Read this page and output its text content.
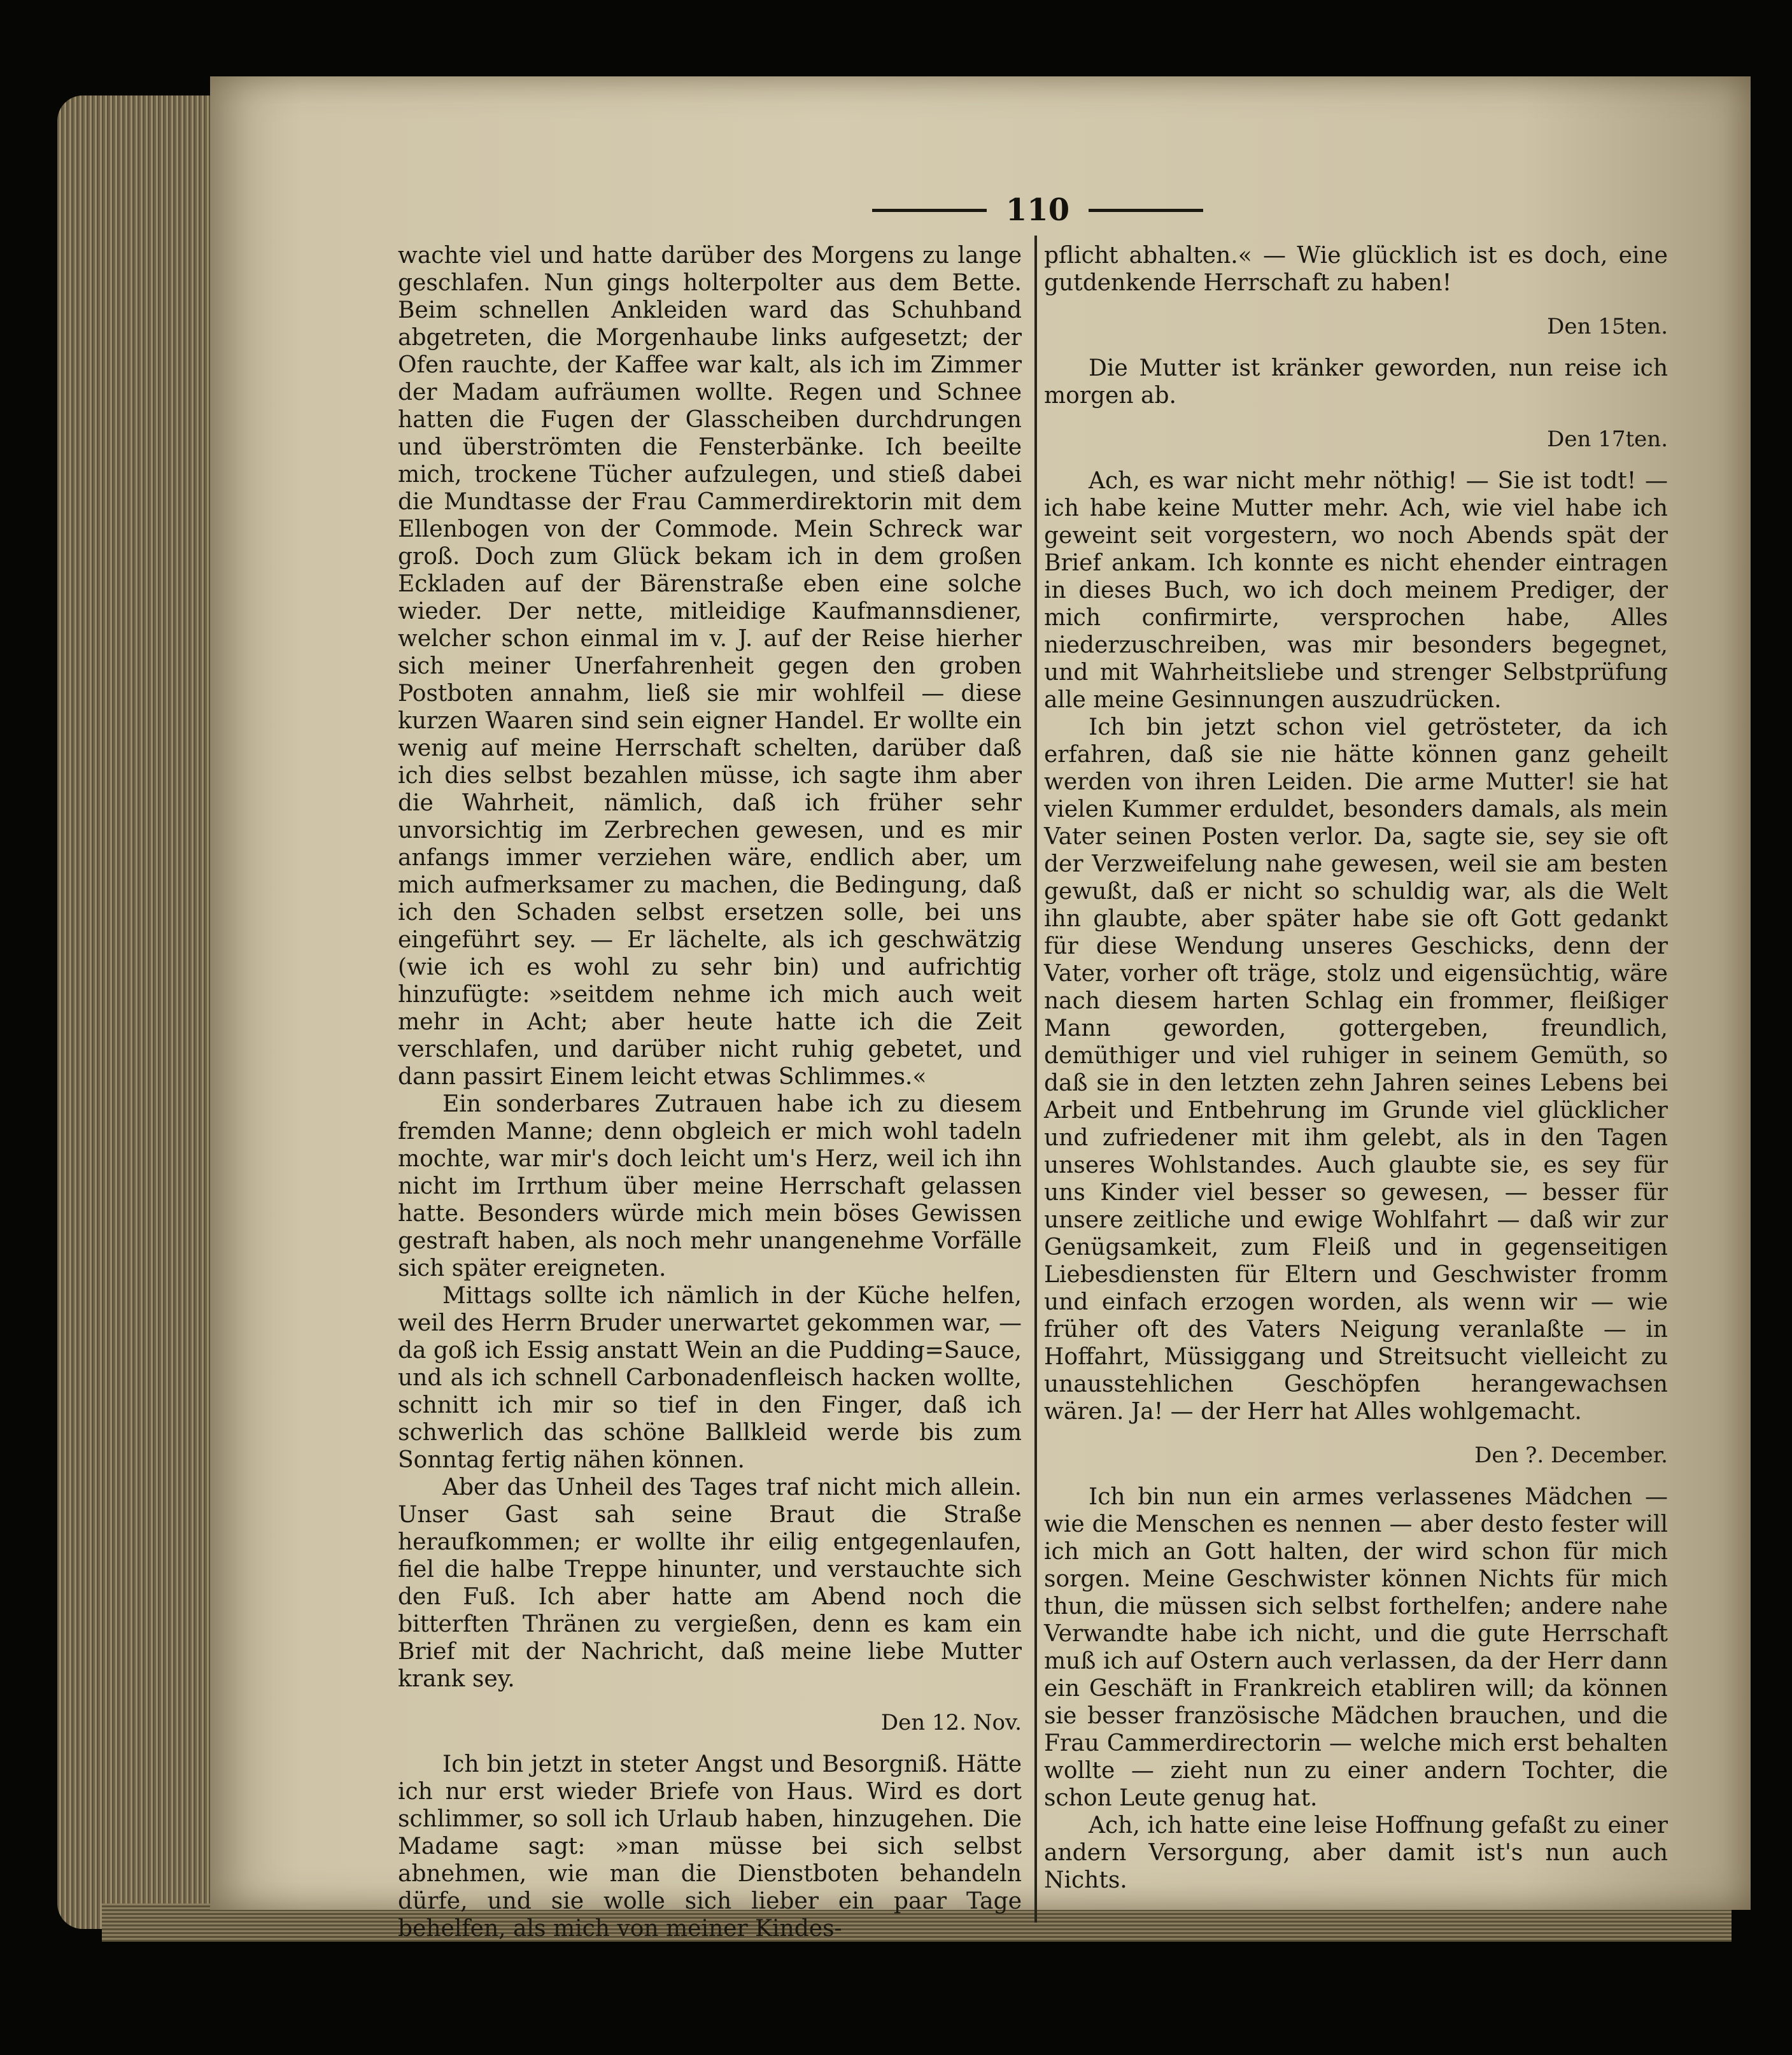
110

wachte viel und hatte darüber des Morgens zu lange geschlafen. Nun gings holterpolter aus dem Bette. Beim schnellen Ankleiden ward das Schuhband abgetreten, die Morgenhaube links aufgesetzt; der Ofen rauchte, der Kaffee war kalt, als ich im Zimmer der Madam aufräumen wollte. Regen und Schnee hatten die Fugen der Glasscheiben durchdrungen und überströmten die Fensterbänke. Ich beeilte mich, trockene Tücher aufzulegen, und stieß dabei die Mundtasse der Frau Cammerdirektorin mit dem Ellenbogen von der Commode. Mein Schreck war groß. Doch zum Glück bekam ich in dem großen Eckladen auf der Bärenstraße eben eine solche wieder. Der nette, mitleidige Kaufmannsdiener, welcher schon einmal im v. J. auf der Reise hierher sich meiner Unerfahrenheit gegen den groben Postboten annahm, ließ sie mir wohlfeil — diese kurzen Waaren sind sein eigner Handel. Er wollte ein wenig auf meine Herrschaft schelten, darüber daß ich dies selbst bezahlen müsse, ich sagte ihm aber die Wahrheit, nämlich, daß ich früher sehr unvorsichtig im Zerbrechen gewesen, und es mir anfangs immer verziehen wäre, endlich aber, um mich aufmerksamer zu machen, die Bedingung, daß ich den Schaden selbst ersetzen solle, bei uns eingeführt sey. — Er lächelte, als ich geschwätzig (wie ich es wohl zu sehr bin) und aufrichtig hinzufügte: »seitdem nehme ich mich auch weit mehr in Acht; aber heute hatte ich die Zeit verschlafen, und darüber nicht ruhig gebetet, und dann passirt Einem leicht etwas Schlimmes.«

Ein sonderbares Zutrauen habe ich zu diesem fremden Manne; denn obgleich er mich wohl tadeln mochte, war mir's doch leicht um's Herz, weil ich ihn nicht im Irrthum über meine Herrschaft gelassen hatte. Besonders würde mich mein böses Gewissen gestraft haben, als noch mehr unangenehme Vorfälle sich später ereigneten.

Mittags sollte ich nämlich in der Küche helfen, weil des Herrn Bruder unerwartet gekommen war, — da goß ich Essig anstatt Wein an die Pudding=Sauce, und als ich schnell Carbonadenfleisch hacken wollte, schnitt ich mir so tief in den Finger, daß ich schwerlich das schöne Ballkleid werde bis zum Sonntag fertig nähen können.

Aber das Unheil des Tages traf nicht mich allein. Unser Gast sah seine Braut die Straße heraufkommen; er wollte ihr eilig entgegenlaufen, fiel die halbe Treppe hinunter, und verstauchte sich den Fuß. Ich aber hatte am Abend noch die bitterften Thränen zu vergießen, denn es kam ein Brief mit der Nachricht, daß meine liebe Mutter krank sey.

Den 12. Nov.

Ich bin jetzt in steter Angst und Besorgniß. Hätte ich nur erst wieder Briefe von Haus. Wird es dort schlimmer, so soll ich Urlaub haben, hinzugehen. Die Madame sagt: »man müsse bei sich selbst abnehmen, wie man die Dienstboten behandeln dürfe, und sie wolle sich lieber ein paar Tage behelfen, als mich von meiner Kindes-

pflicht abhalten.« — Wie glücklich ist es doch, eine gutdenkende Herrschaft zu haben!

Den 15ten.

Die Mutter ist kränker geworden, nun reise ich morgen ab.

Den 17ten.

Ach, es war nicht mehr nöthig! — Sie ist todt! — ich habe keine Mutter mehr. Ach, wie viel habe ich geweint seit vorgestern, wo noch Abends spät der Brief ankam. Ich konnte es nicht ehender eintragen in dieses Buch, wo ich doch meinem Prediger, der mich confirmirte, versprochen habe, Alles niederzuschreiben, was mir besonders begegnet, und mit Wahrheitsliebe und strenger Selbstprüfung alle meine Gesinnungen auszudrücken.

Ich bin jetzt schon viel getrösteter, da ich erfahren, daß sie nie hätte können ganz geheilt werden von ihren Leiden. Die arme Mutter! sie hat vielen Kummer erduldet, besonders damals, als mein Vater seinen Posten verlor. Da, sagte sie, sey sie oft der Verzweifelung nahe gewesen, weil sie am besten gewußt, daß er nicht so schuldig war, als die Welt ihn glaubte, aber später habe sie oft Gott gedankt für diese Wendung unseres Geschicks, denn der Vater, vorher oft träge, stolz und eigensüchtig, wäre nach diesem harten Schlag ein frommer, fleißiger Mann geworden, gottergeben, freundlich, demüthiger und viel ruhiger in seinem Gemüth, so daß sie in den letzten zehn Jahren seines Lebens bei Arbeit und Entbehrung im Grunde viel glücklicher und zufriedener mit ihm gelebt, als in den Tagen unseres Wohlstandes. Auch glaubte sie, es sey für uns Kinder viel besser so gewesen, — besser für unsere zeitliche und ewige Wohlfahrt — daß wir zur Genügsamkeit, zum Fleiß und in gegenseitigen Liebesdiensten für Eltern und Geschwister fromm und einfach erzogen worden, als wenn wir — wie früher oft des Vaters Neigung veranlaßte — in Hoffahrt, Müssiggang und Streitsucht vielleicht zu unausstehlichen Geschöpfen herangewachsen wären. Ja! — der Herr hat Alles wohlgemacht.

Den ?. December.

Ich bin nun ein armes verlassenes Mädchen — wie die Menschen es nennen — aber desto fester will ich mich an Gott halten, der wird schon für mich sorgen. Meine Geschwister können Nichts für mich thun, die müssen sich selbst forthelfen; andere nahe Verwandte habe ich nicht, und die gute Herrschaft muß ich auf Ostern auch verlassen, da der Herr dann ein Geschäft in Frankreich etabliren will; da können sie besser französische Mädchen brauchen, und die Frau Cammerdirectorin — welche mich erst behalten wollte — zieht nun zu einer andern Tochter, die schon Leute genug hat.

Ach, ich hatte eine leise Hoffnung gefaßt zu einer andern Versorgung, aber damit ist's nun auch Nichts.
